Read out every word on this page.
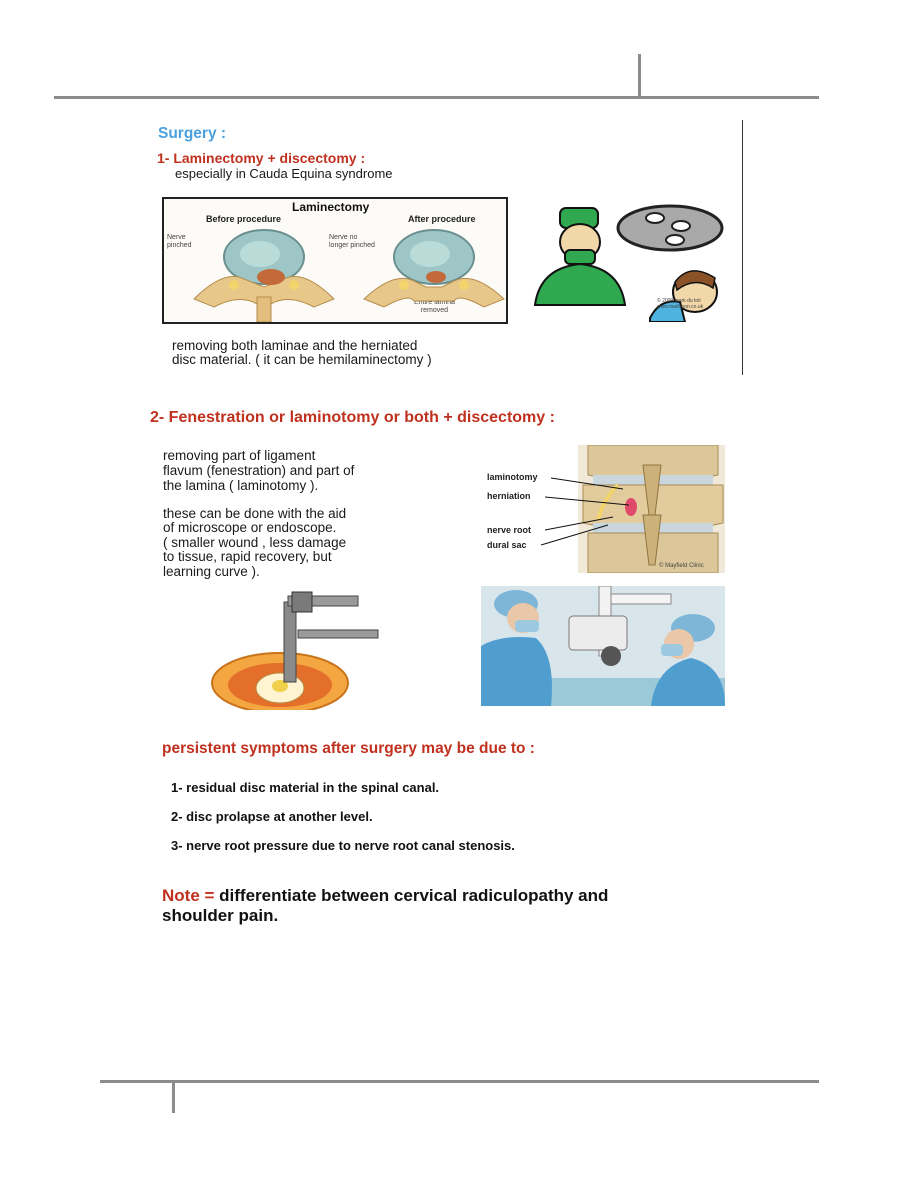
Surgery :
1- Laminectomy + discectomy :
especially in Cauda Equina syndrome
Laminectomy
Before procedure	After procedure
Nerve
pinched
Nerve no
longer pinched
Entire lamina
removed
© 2009 mark du toit
www.marktoon.co.uk
removing both laminae and the herniated
disc material. ( it can be hemilaminectomy )
2- Fenestration or laminotomy or both + discectomy :
removing part of ligament
flavum (fenestration) and part of
the lamina ( laminotomy ).
these can be done with the aid
of microscope or endoscope.
( smaller wound , less damage
to tissue, rapid recovery, but
learning curve ).
laminotomy
herniation
nerve root
dural sac
© Mayfield Clinic
persistent symptoms after surgery may be due to :
1- residual disc material in the spinal canal.
2- disc prolapse at another level.
3- nerve root pressure due to nerve root canal stenosis.
Note = differentiate between cervical radiculopathy and
shoulder pain.
